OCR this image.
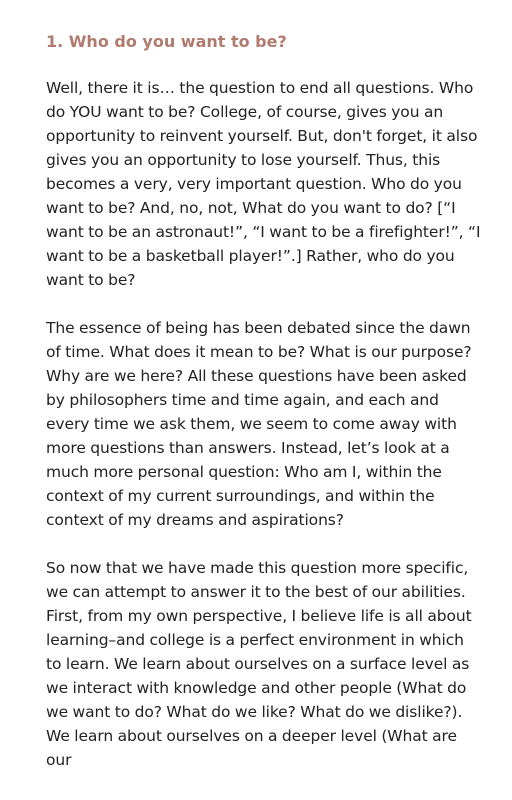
1. Who do you want to be?

Well, there it is… the question to end all questions. Who do YOU want to be? College, of course, gives you an opportunity to reinvent yourself. But, don't forget, it also gives you an opportunity to lose yourself. Thus, this becomes a very, very important question. Who do you want to be? And, no, not, What do you want to do? [“I want to be an astronaut!”, “I want to be a firefighter!”, “I want to be a basketball player!”.] Rather, who do you want to be?

The essence of being has been debated since the dawn of time. What does it mean to be? What is our purpose? Why are we here? All these questions have been asked by philosophers time and time again, and each and every time we ask them, we seem to come away with more questions than answers. Instead, let’s look at a much more personal question: Who am I, within the context of my current surroundings, and within the context of my dreams and aspirations?

So now that we have made this question more specific, we can attempt to answer it to the best of our abilities. First, from my own perspective, I believe life is all about learning–and college is a perfect environment in which to learn. We learn about ourselves on a surface level as we interact with knowledge and other people (What do we want to do? What do we like? What do we dislike?). We learn about ourselves on a deeper level (What are our
